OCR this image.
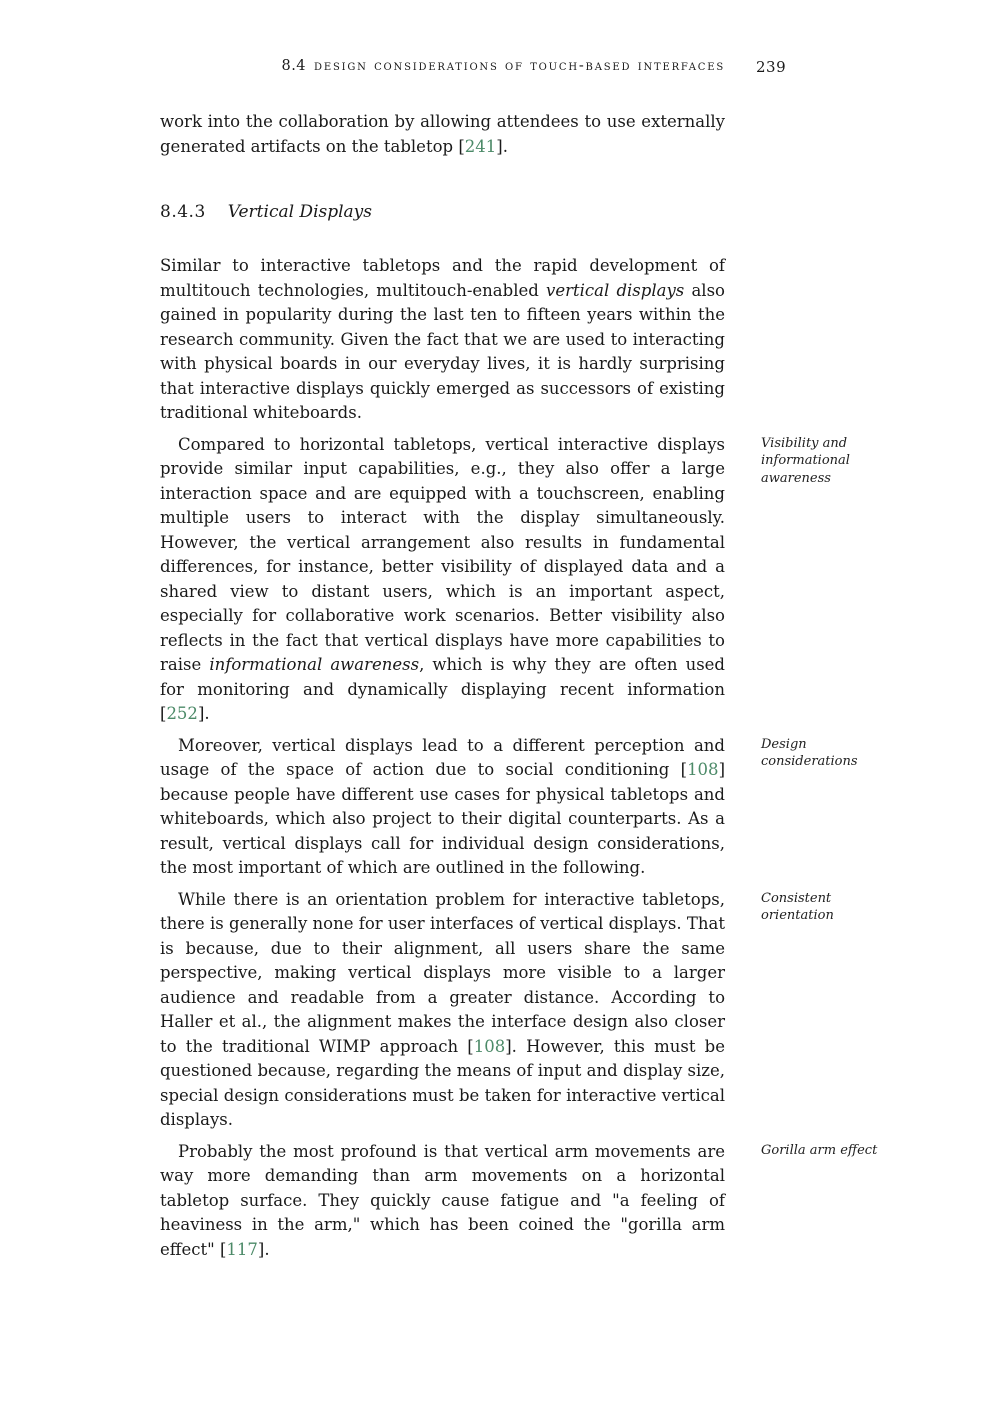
8.4 design considerations of touch-based interfaces 239

work into the collaboration by allowing attendees to use externally generated artifacts on the tabletop [241].

8.4.3 Vertical Displays

Similar to interactive tabletops and the rapid development of multitouch technologies, multitouch-enabled vertical displays also gained in popularity during the last ten to fifteen years within the research community. Given the fact that we are used to interacting with physical boards in our everyday lives, it is hardly surprising that interactive displays quickly emerged as successors of existing traditional whiteboards.

Compared to horizontal tabletops, vertical interactive displays provide similar input capabilities, e.g., they also offer a large interaction space and are equipped with a touchscreen, enabling multiple users to interact with the display simultaneously. However, the vertical arrangement also results in fundamental differences, for instance, better visibility of displayed data and a shared view to distant users, which is an important aspect, especially for collaborative work scenarios. Better visibility also reflects in the fact that vertical displays have more capabilities to raise informational awareness, which is why they are often used for monitoring and dynamically displaying recent information [252].
Visibility and informational awareness

Moreover, vertical displays lead to a different perception and usage of the space of action due to social conditioning [108] because people have different use cases for physical tabletops and whiteboards, which also project to their digital counterparts. As a result, vertical displays call for individual design considerations, the most important of which are outlined in the following.
Design considerations

While there is an orientation problem for interactive tabletops, there is generally none for user interfaces of vertical displays. That is because, due to their alignment, all users share the same perspective, making vertical displays more visible to a larger audience and readable from a greater distance. According to Haller et al., the alignment makes the interface design also closer to the traditional WIMP approach [108]. However, this must be questioned because, regarding the means of input and display size, special design considerations must be taken for interactive vertical displays.
Consistent orientation

Probably the most profound is that vertical arm movements are way more demanding than arm movements on a horizontal tabletop surface. They quickly cause fatigue and "a feeling of heaviness in the arm," which has been coined the "gorilla arm effect" [117].
Gorilla arm effect
